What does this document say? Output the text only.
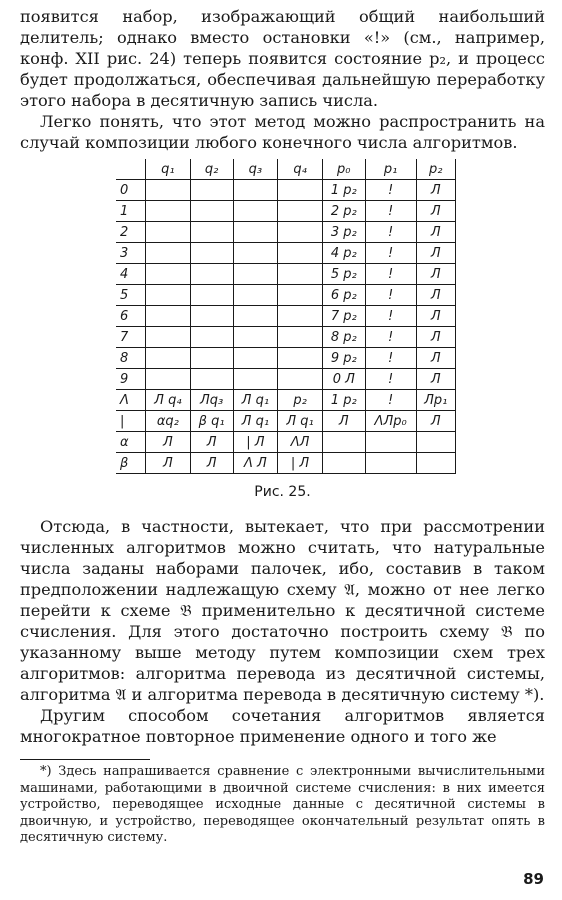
появится набор, изображающий общий наибольший делитель; однако вместо остановки «!» (см., например, конф. XII рис. 24) теперь появится состояние p₂, и процесс будет продолжаться, обеспечивая дальнейшую переработку этого набора в десятичную запись числа.

Легко понять, что этот метод можно распространить на случай композиции любого конечного числа алгоритмов.

	q₁	q₂	q₃	q₄	p₀	p₁	p₂
0					1 p₂	!	Л
1					2 p₂	!	Л
2					3 p₂	!	Л
3					4 p₂	!	Л
4					5 p₂	!	Л
5					6 p₂	!	Л
6					7 p₂	!	Л
7					8 p₂	!	Л
8					9 p₂	!	Л
9					0 Л	!	Л
Λ	Л q₄	Лq₃	Л q₁	p₂	1 p₂	!	Лp₁
|	αq₂	β q₁	Л q₁	Л q₁	Л	ΛЛp₀	Л
α	Л	Л	| Л	ΛЛ			
β	Л	Л	Λ Л	| Л			
Рис. 25.

Отсюда, в частности, вытекает, что при рассмотрении численных алгоритмов можно считать, что натуральные числа заданы наборами палочек, ибо, составив в таком предположении надлежащую схему 𝔄, можно от нее легко перейти к схеме 𝔅 применительно к десятичной системе счисления. Для этого достаточно построить схему 𝔅 по указанному выше методу путем композиции схем трех алгоритмов: алгоритма перевода из десятичной системы, алгоритма 𝔄 и алгоритма перевода в десятичную систему *).

Другим способом сочетания алгоритмов является многократное повторное применение одного и того же

*) Здесь напрашивается сравнение с электронными вычислительными машинами, работающими в двоичной системе счисления: в них имеется устройство, переводящее исходные данные с десятичной системы в двоичную, и устройство, переводящее окончательный результат опять в десятичную систему.

89
